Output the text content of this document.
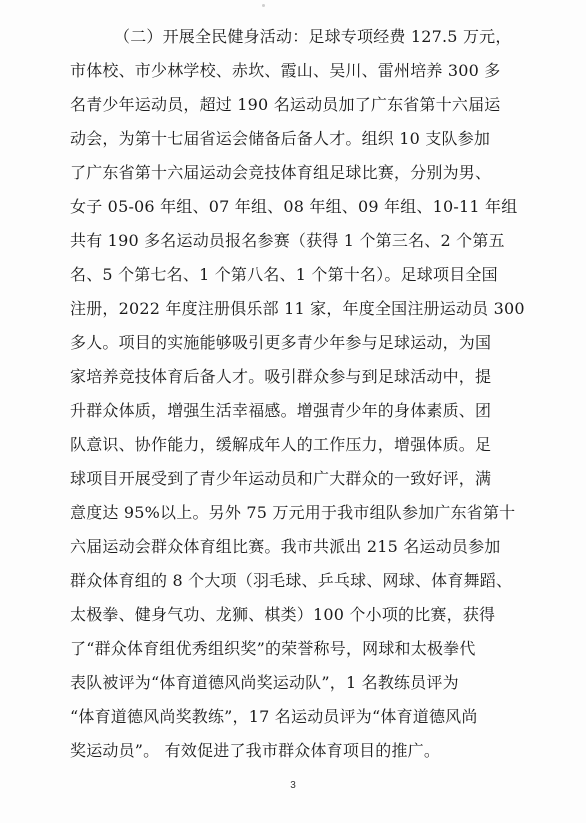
（二）开展全民健身活动：足球专项经费 127.5 万元，
市体校、市少林学校、赤坎、霞山、吴川、雷州培养 300 多
名青少年运动员，超过 190 名运动员加了广东省第十六届运
动会，为第十七届省运会储备后备人才。组织 10 支队参加
了广东省第十六届运动会竞技体育组足球比赛，分别为男、
女子 05-06 年组、07 年组、08 年组、09 年组、10-11 年组
共有 190 多名运动员报名参赛（获得 1 个第三名、2 个第五
名、5 个第七名、1 个第八名、1 个第十名）。足球项目全国
注册，2022 年度注册俱乐部 11 家，年度全国注册运动员 300
多人。项目的实施能够吸引更多青少年参与足球运动，为国
家培养竞技体育后备人才。吸引群众参与到足球活动中，提
升群众体质，增强生活幸福感。增强青少年的身体素质、团
队意识、协作能力，缓解成年人的工作压力，增强体质。足
球项目开展受到了青少年运动员和广大群众的一致好评，满
意度达 95%以上。另外 75 万元用于我市组队参加广东省第十
六届运动会群众体育组比赛。我市共派出 215 名运动员参加
群众体育组的 8 个大项（羽毛球、乒乓球、网球、体育舞蹈、
太极拳、健身气功、龙狮、棋类）100 个小项的比赛，获得
了“群众体育组优秀组织奖”的荣誉称号，网球和太极拳代
表队被评为“体育道德风尚奖运动队”，1 名教练员评为
“体育道德风尚奖教练”，17 名运动员评为“体育道德风尚
奖运动员”。 有效促进了我市群众体育项目的推广。
3
